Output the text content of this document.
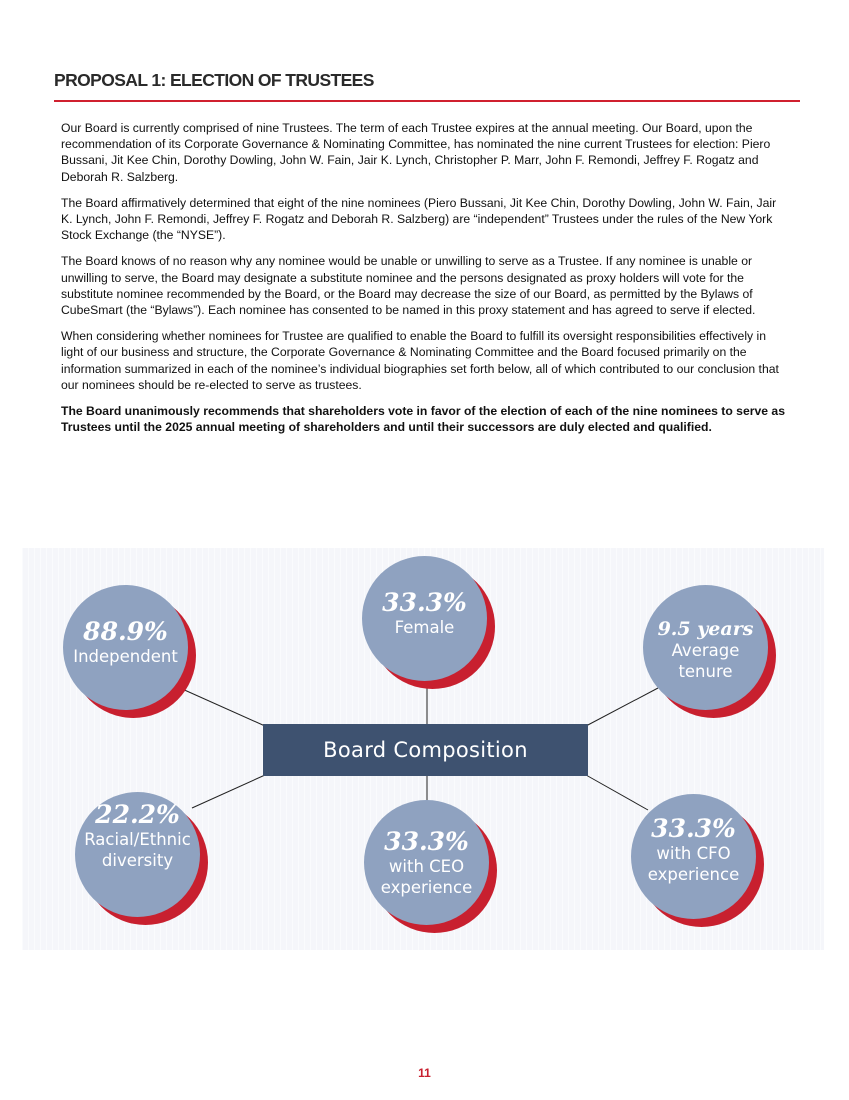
PROPOSAL 1: ELECTION OF TRUSTEES

Our Board is currently comprised of nine Trustees. The term of each Trustee expires at the annual meeting. Our Board, upon the recommendation of its Corporate Governance & Nominating Committee, has nominated the nine current Trustees for election: Piero Bussani, Jit Kee Chin, Dorothy Dowling, John W. Fain, Jair K. Lynch, Christopher P. Marr, John F. Remondi, Jeffrey F. Rogatz and Deborah R. Salzberg.

The Board affirmatively determined that eight of the nine nominees (Piero Bussani, Jit Kee Chin, Dorothy Dowling, John W. Fain, Jair K. Lynch, John F. Remondi, Jeffrey F. Rogatz and Deborah R. Salzberg) are “independent” Trustees under the rules of the New York Stock Exchange (the “NYSE”).

The Board knows of no reason why any nominee would be unable or unwilling to serve as a Trustee. If any nominee is unable or unwilling to serve, the Board may designate a substitute nominee and the persons designated as proxy holders will vote for the substitute nominee recommended by the Board, or the Board may decrease the size of our Board, as permitted by the Bylaws of CubeSmart (the “Bylaws”). Each nominee has consented to be named in this proxy statement and has agreed to serve if elected.

When considering whether nominees for Trustee are qualified to enable the Board to fulfill its oversight responsibilities effectively in light of our business and structure, the Corporate Governance & Nominating Committee and the Board focused primarily on the information summarized in each of the nominee’s individual biographies set forth below, all of which contributed to our conclusion that our nominees should be re-elected to serve as trustees.

The Board unanimously recommends that shareholders vote in favor of the election of each of the nine nominees to serve as Trustees until the 2025 annual meeting of shareholders and until their successors are duly elected and qualified.

Board Composition
88.9%
Independent
33.3%
Female	9.5 years
Average
tenure
22.2%
Racial/Ethnic
diversity
33.3%
with CEO
experience
33.3%
with CFO
experience
11
